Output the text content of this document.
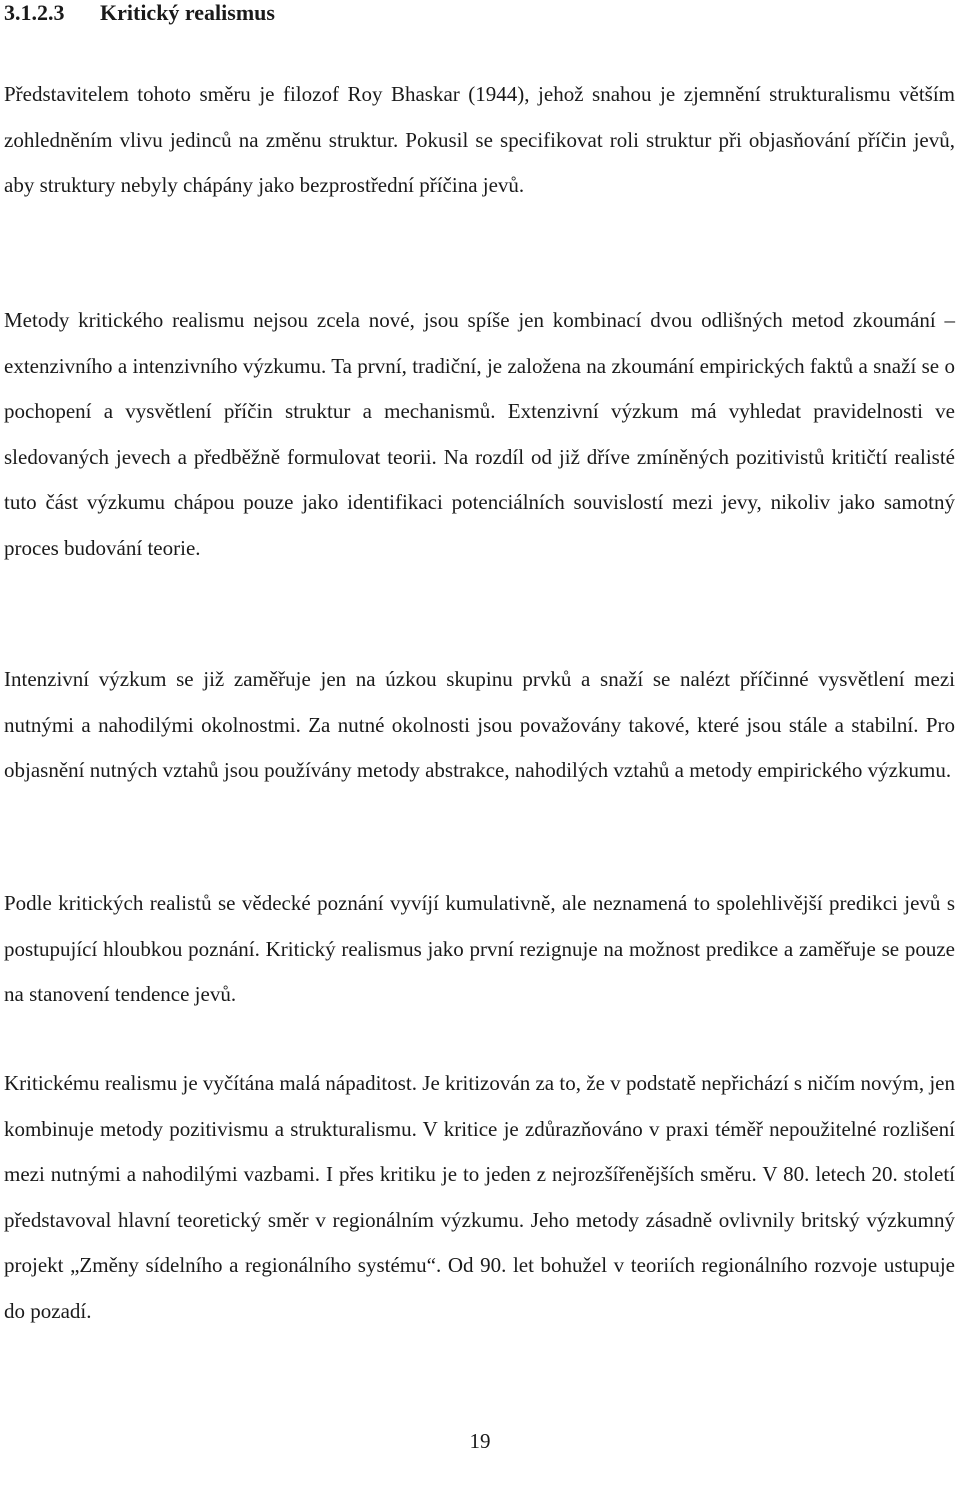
3.1.2.3 Kritický realismus

Představitelem tohoto směru je filozof Roy Bhaskar (1944), jehož snahou je zjemnění strukturalismu větším zohledněním vlivu jedinců na změnu struktur. Pokusil se specifikovat roli struktur při objasňování příčin jevů, aby struktury nebyly chápány jako bezprostřední příčina jevů.

Metody kritického realismu nejsou zcela nové, jsou spíše jen kombinací dvou odlišných metod zkoumání – extenzivního a intenzivního výzkumu. Ta první, tradiční, je založena na zkoumání empirických faktů a snaží se o pochopení a vysvětlení příčin struktur a mechanismů. Extenzivní výzkum má vyhledat pravidelnosti ve sledovaných jevech a předběžně formulovat teorii. Na rozdíl od již dříve zmíněných pozitivistů kritičtí realisté tuto část výzkumu chápou pouze jako identifikaci potenciálních souvislostí mezi jevy, nikoliv jako samotný proces budování teorie.

Intenzivní výzkum se již zaměřuje jen na úzkou skupinu prvků a snaží se nalézt příčinné vysvětlení mezi nutnými a nahodilými okolnostmi. Za nutné okolnosti jsou považovány takové, které jsou stále a stabilní. Pro objasnění nutných vztahů jsou používány metody abstrakce, nahodilých vztahů a metody empirického výzkumu.

Podle kritických realistů se vědecké poznání vyvíjí kumulativně, ale neznamená to spolehlivější predikci jevů s postupující hloubkou poznání. Kritický realismus jako první rezignuje na možnost predikce a zaměřuje se pouze na stanovení tendence jevů.

Kritickému realismu je vyčítána malá nápaditost. Je kritizován za to, že v podstatě nepřichází s ničím novým, jen kombinuje metody pozitivismu a strukturalismu. V kritice je zdůrazňováno v praxi téměř nepoužitelné rozlišení mezi nutnými a nahodilými vazbami. I přes kritiku je to jeden z nejrozšířenějších směru. V 80. letech 20. století představoval hlavní teoretický směr v regionálním výzkumu. Jeho metody zásadně ovlivnily britský výzkumný projekt „Změny sídelního a regionálního systému“. Od 90. let bohužel v teoriích regionálního rozvoje ustupuje do pozadí.

19
